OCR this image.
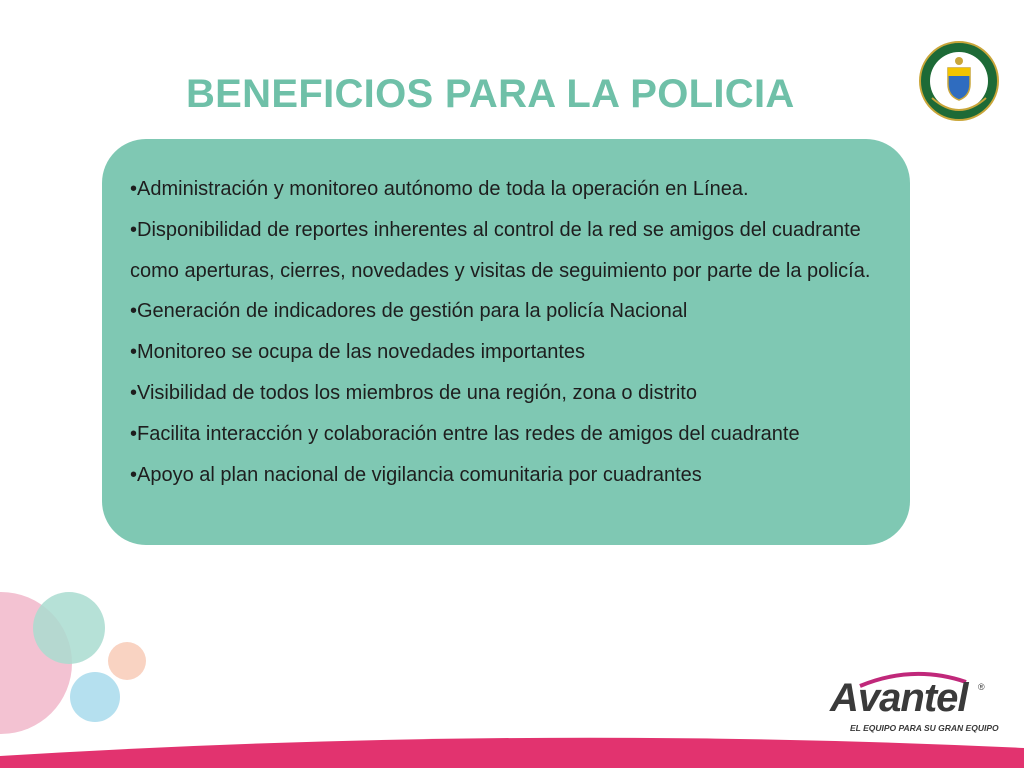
BENEFICIOS PARA LA POLICIA
•Administración y monitoreo autónomo de toda la operación en Línea.
•Disponibilidad de reportes inherentes al control de la red se amigos del cuadrante como aperturas, cierres, novedades y visitas de seguimiento por parte de la policía.
•Generación de indicadores de gestión para la policía Nacional
•Monitoreo se ocupa de las novedades importantes
•Visibilidad de todos los miembros de una región, zona o distrito
•Facilita interacción y colaboración entre las redes de amigos del cuadrante
•Apoyo al plan nacional de vigilancia comunitaria por cuadrantes
Avantel ®
EL EQUIPO PARA SU GRAN EQUIPO
